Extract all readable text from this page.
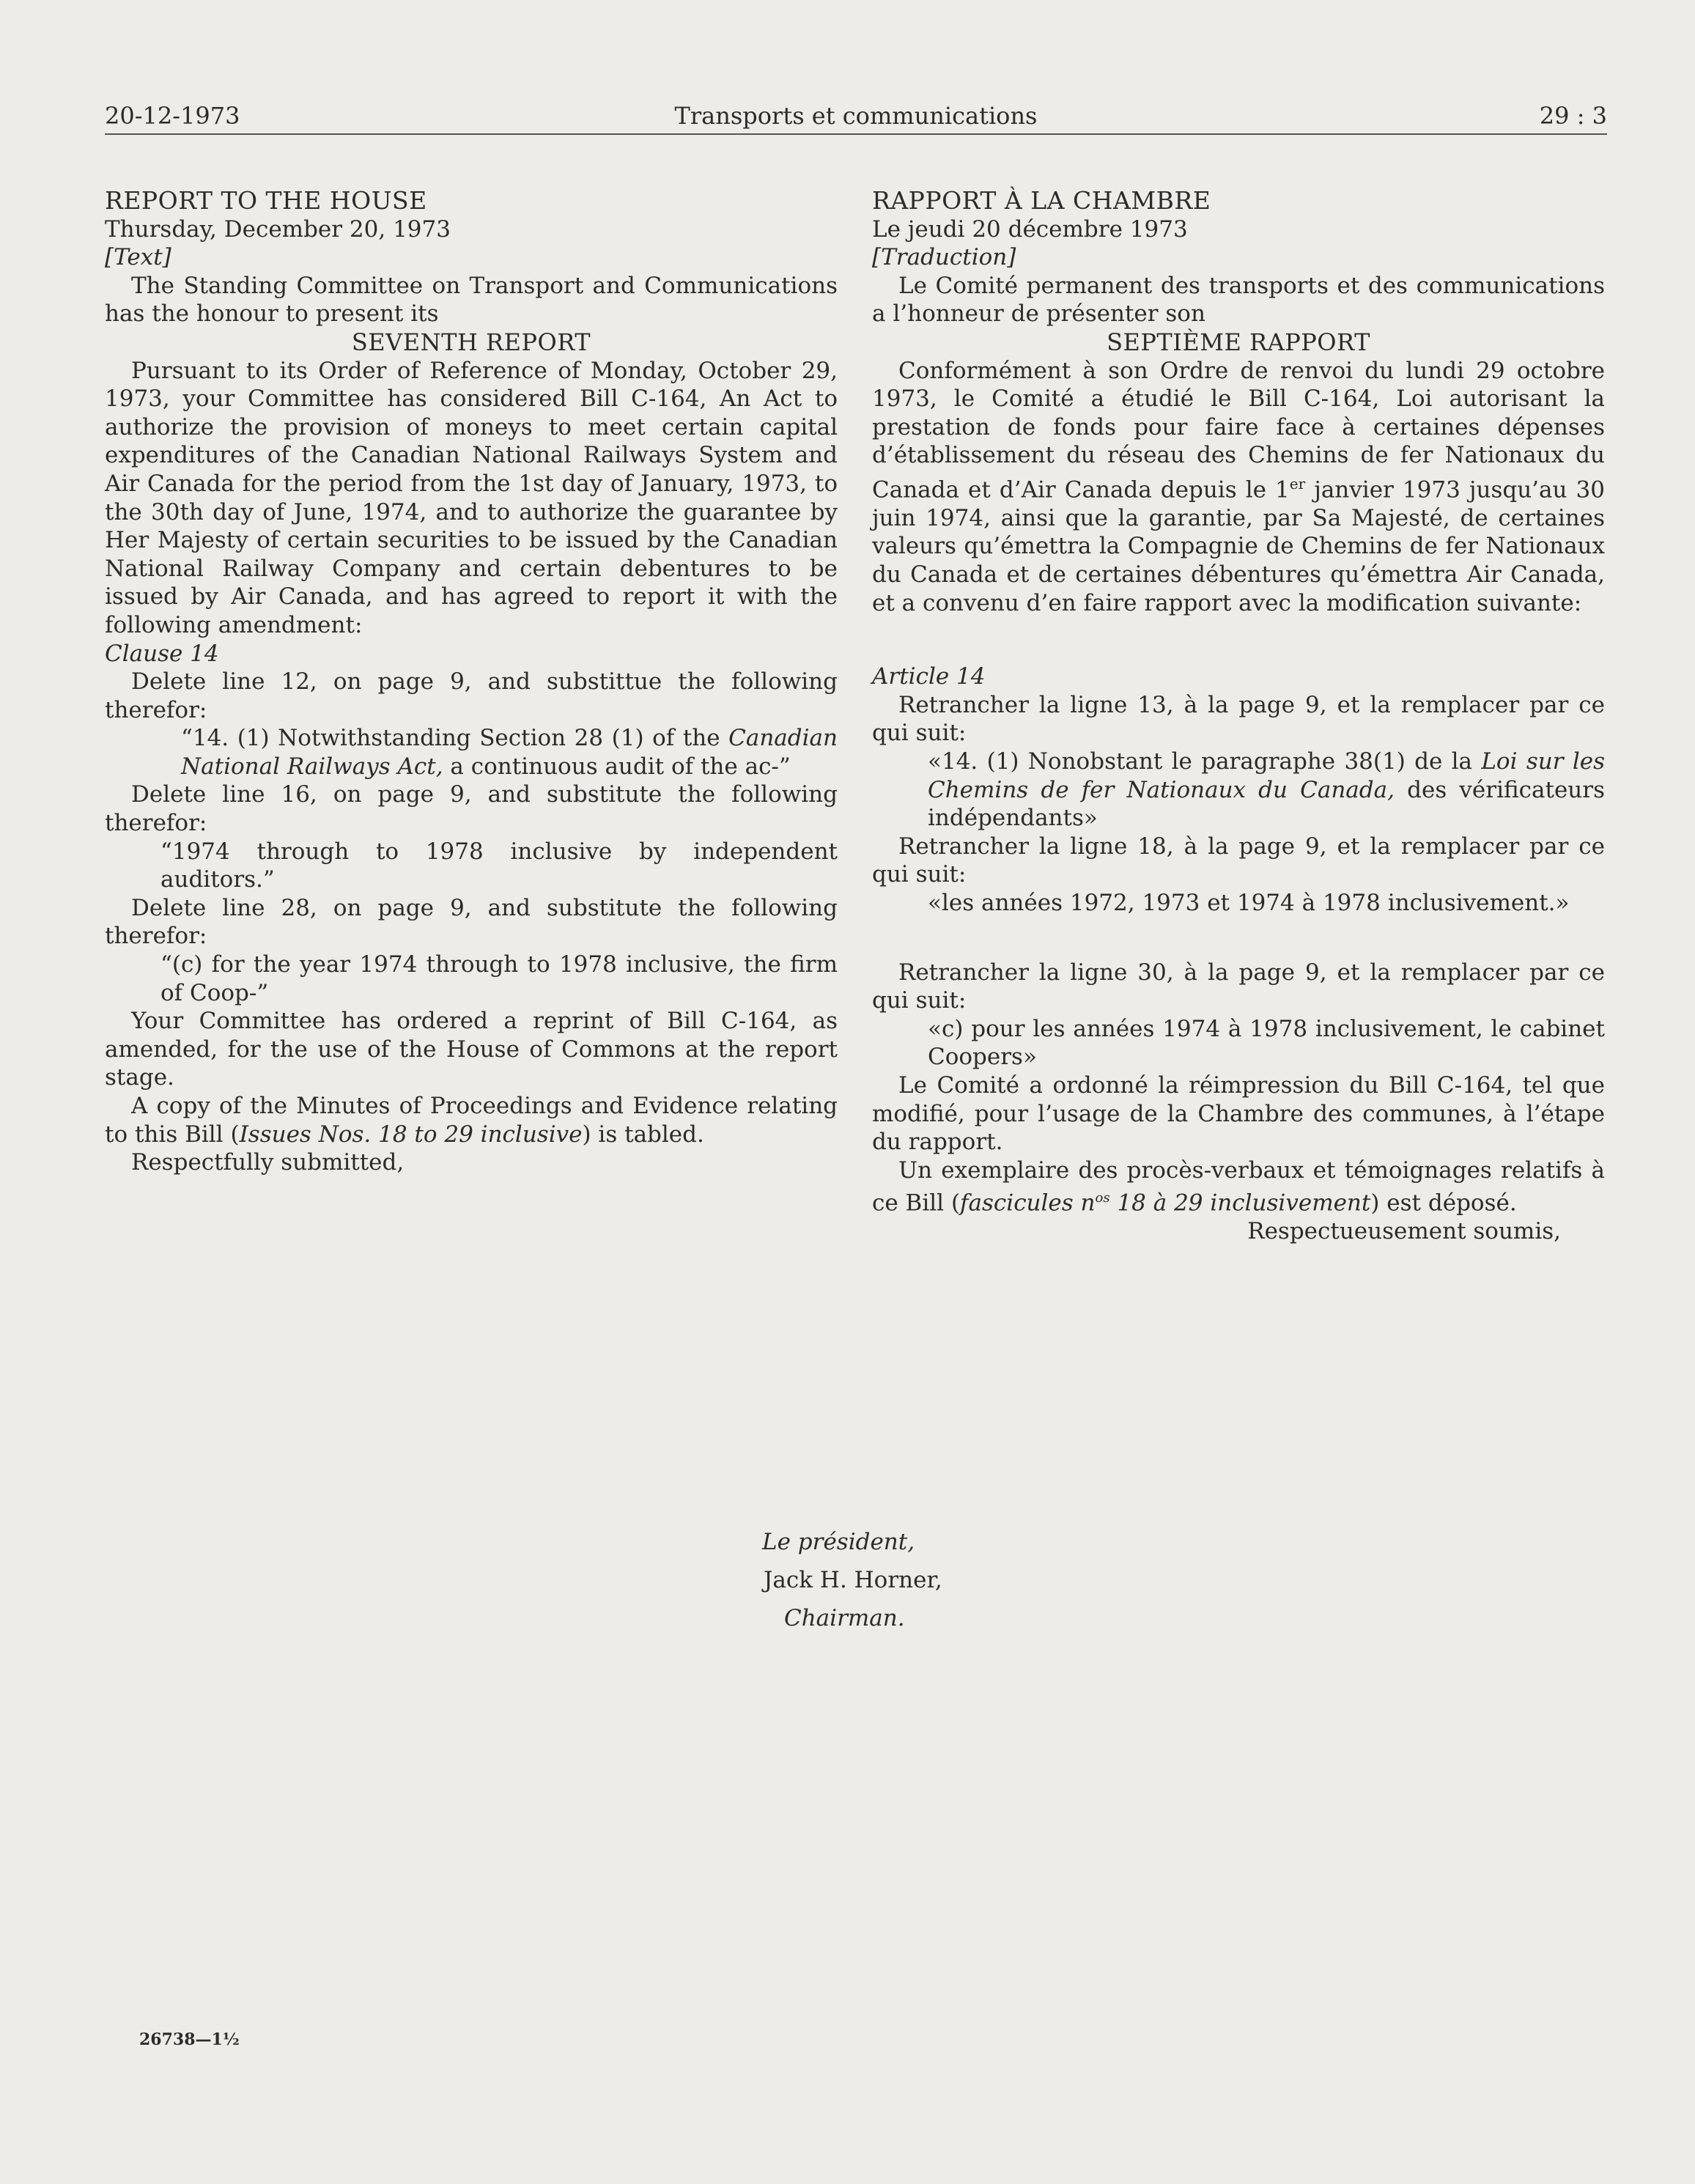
20-12-1973	Transports et communications	29 : 3

REPORT TO THE HOUSE

Thursday, December 20, 1973

[Text]

The Standing Committee on Transport and Communications has the honour to present its

SEVENTH REPORT

Pursuant to its Order of Reference of Monday, October 29, 1973, your Committee has considered Bill C-164, An Act to authorize the provision of moneys to meet certain capital expenditures of the Canadian National Railways System and Air Canada for the period from the 1st day of January, 1973, to the 30th day of June, 1974, and to authorize the guarantee by Her Majesty of certain securities to be issued by the Canadian National Railway Company and certain debentures to be issued by Air Canada, and has agreed to report it with the following amendment:

Clause 14

Delete line 12, on page 9, and substittue the following therefor:

“14. (1) Notwithstanding Section 28 (1) of the Canadian National Railways Act, a continuous audit of the ac-”

Delete line 16, on page 9, and substitute the following therefor:

“1974 through to 1978 inclusive by independent auditors.”

Delete line 28, on page 9, and substitute the following therefor:

“(c) for the year 1974 through to 1978 inclusive, the firm of Coop-”

Your Committee has ordered a reprint of Bill C-164, as amended, for the use of the House of Commons at the report stage.

A copy of the Minutes of Proceedings and Evidence relating to this Bill (Issues Nos. 18 to 29 inclusive) is tabled.

Respectfully submitted,

RAPPORT À LA CHAMBRE

Le jeudi 20 décembre 1973

[Traduction]

Le Comité permanent des transports et des communications a l’honneur de présenter son

SEPTIÈME RAPPORT

Conformément à son Ordre de renvoi du lundi 29 octobre 1973, le Comité a étudié le Bill C-164, Loi autorisant la prestation de fonds pour faire face à certaines dépenses d’établissement du réseau des Chemins de fer Nationaux du Canada et d’Air Canada depuis le 1er janvier 1973 jusqu’au 30 juin 1974, ainsi que la garantie, par Sa Majesté, de certaines valeurs qu’émettra la Compagnie de Chemins de fer Nationaux du Canada et de certaines débentures qu’émettra Air Canada, et a convenu d’en faire rapport avec la modification suivante:

Article 14

Retrancher la ligne 13, à la page 9, et la remplacer par ce qui suit:

«14. (1) Nonobstant le paragraphe 38(1) de la Loi sur les Chemins de fer Nationaux du Canada, des vérificateurs indépendants»

Retrancher la ligne 18, à la page 9, et la remplacer par ce qui suit:

«les années 1972, 1973 et 1974 à 1978 inclusivement.»

Retrancher la ligne 30, à la page 9, et la remplacer par ce qui suit:

«c) pour les années 1974 à 1978 inclusivement, le cabinet Coopers»

Le Comité a ordonné la réimpression du Bill C-164, tel que modifié, pour l’usage de la Chambre des communes, à l’étape du rapport.

Un exemplaire des procès-verbaux et témoignages relatifs à ce Bill (fascicules $n^{os}$ 18 à 29 inclusivement) est déposé.

Respectueusement soumis,

Le président,

Jack H. Horner,

Chairman.

26738—1½
